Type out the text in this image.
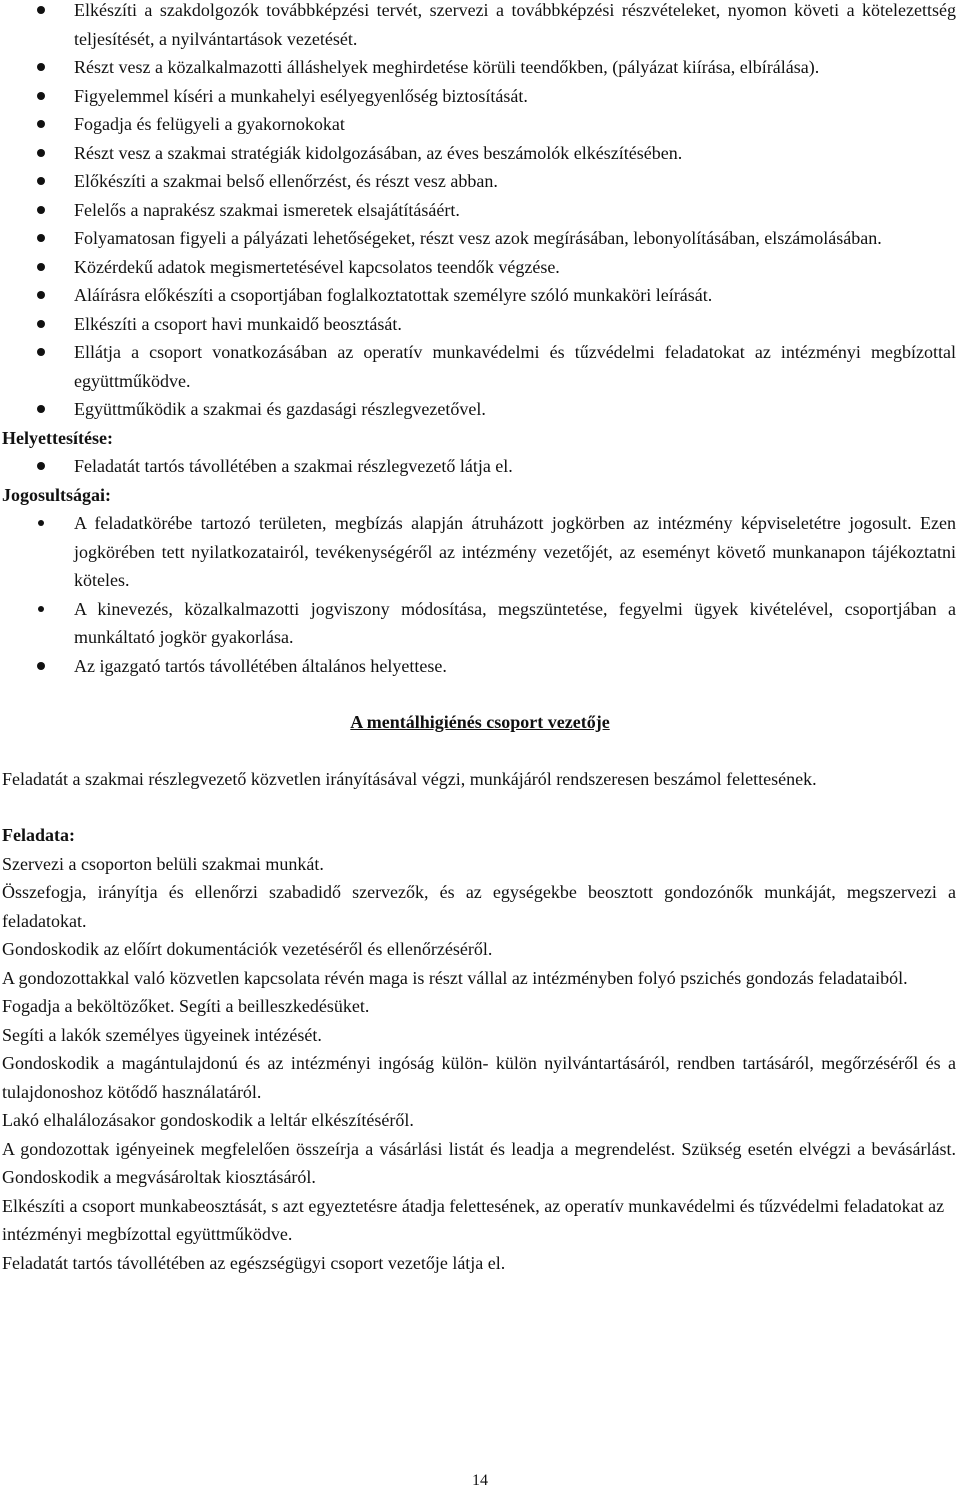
Elkészíti a szakdolgozók továbbképzési tervét, szervezi a továbbképzési részvételeket, nyomon követi a kötelezettség teljesítését, a nyilvántartások vezetését.
Részt vesz a közalkalmazotti álláshelyek meghirdetése körüli teendőkben, (pályázat kiírása, elbírálása).
Figyelemmel kíséri a munkahelyi esélyegyenlőség biztosítását.
Fogadja és felügyeli a gyakornokokat
Részt vesz a szakmai stratégiák kidolgozásában, az éves beszámolók elkészítésében.
Előkészíti a szakmai belső ellenőrzést, és részt vesz abban.
Felelős a naprakész szakmai ismeretek elsajátításáért.
Folyamatosan figyeli a pályázati lehetőségeket, részt vesz azok megírásában, lebonyolításában, elszámolásában.
Közérdekű adatok megismertetésével kapcsolatos teendők végzése.
Aláírásra előkészíti a csoportjában foglalkoztatottak személyre szóló munkaköri leírását.
Elkészíti a csoport havi munkaidő beosztását.
Ellátja a csoport vonatkozásában az operatív munkavédelmi és tűzvédelmi feladatokat az intézményi megbízottal együttműködve.
Együttműködik a szakmai és gazdasági részlegvezetővel.
Helyettesítése:
Feladatát tartós távollétében a szakmai részlegvezető látja el.
Jogosultságai:
A feladatkörébe tartozó területen, megbízás alapján átruházott jogkörben az intézmény képviseletétre jogosult. Ezen jogkörében tett nyilatkozatairól, tevékenységéről az intézmény vezetőjét, az eseményt követő munkanapon tájékoztatni köteles.
A kinevezés, közalkalmazotti jogviszony módosítása, megszüntetése, fegyelmi ügyek kivételével, csoportjában a munkáltató jogkör gyakorlása.
Az igazgató tartós távollétében általános helyettese.
A mentálhigiénés csoport vezetője
Feladatát a szakmai részlegvezető közvetlen irányításával végzi, munkájáról rendszeresen beszámol felettesének.
Feladata:
Szervezi a csoporton belüli szakmai munkát.
Összefogja, irányítja és ellenőrzi szabadidő szervezők, és az egységekbe beosztott gondozónők munkáját, megszervezi a feladatokat.
Gondoskodik az előírt dokumentációk vezetéséről és ellenőrzéséről.
A gondozottakkal való közvetlen kapcsolata révén maga is részt vállal az intézményben folyó pszichés gondozás feladataiból.
Fogadja a beköltözőket. Segíti a beilleszkedésüket.
Segíti a lakók személyes ügyeinek intézését.
Gondoskodik a magántulajdonú és az intézményi ingóság külön- külön nyilvántartásáról, rendben tartásáról, megőrzéséről és a tulajdonoshoz kötődő használatáról.
Lakó elhalálozásakor gondoskodik a leltár elkészítéséről.
A gondozottak igényeinek megfelelően összeírja a vásárlási listát és leadja a megrendelést. Szükség esetén elvégzi a bevásárlást. Gondoskodik a megvásároltak kiosztásáról.
Elkészíti a csoport munkabeosztását, s azt egyeztetésre átadja felettesének, az operatív munkavédelmi és tűzvédelmi feladatokat az intézményi megbízottal együttműködve.
Feladatát tartós távollétében az egészségügyi csoport vezetője látja el.
14
